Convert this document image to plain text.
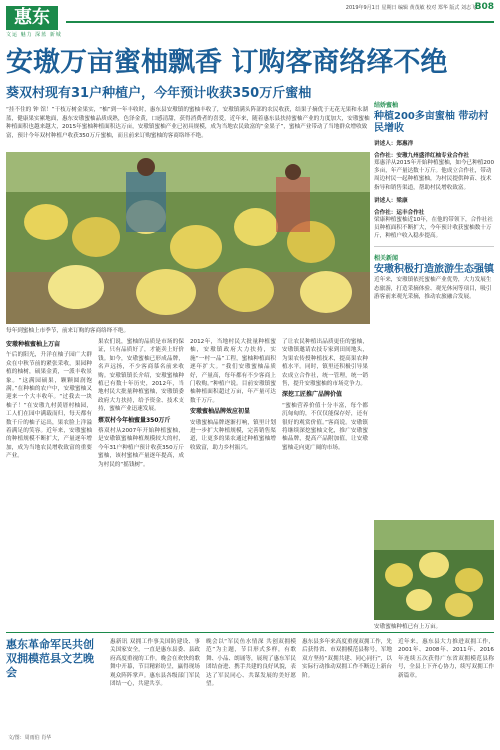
惠东
文运 魅力 深蓝 新城
2019年9月1日 星期日 编辑 黄茂敏 校对 郑华 版式 刘志飞
B08
安璈万亩蜜柚飘香 订购客商络绎不绝
葵双村现有31户种植户，今年预计收获350万斤蜜柚
“挂不住的 钟 馆！”干枝万树金果实，“柚”到一年丰收时，惠东县安璈镇的蜜柚丰收了，安璈镇满头阵部的农民收获，结果子摘优于无花无果和永湖蓝，健康果实累地面，惠东安璈蜜柚品质成熟，色泽金黄，口感清甜，获得消费者的喜爱，近年来，随着惠东县扶持蜜柚产业的力度加大，安璈蜜柚种植面积也越来越大，2015年蜜柚种植面积达万亩，安璈镇蜜柚产业已初具规模，成为当地农民致富的“金果子”，蜜柚产业带动了当地群众增收致富，预计今年双村种植户收获350万斤蜜柚，而且前来订购蜜柚的客商络绎不绝。
每年到蜜柚上市季节，前来订购的客商络绎不绝。
安璈种植蜜柚上万亩
午后的阳光，升洋在柚子园广大群众在中秋节前的紧张采收，果园种植的柚树，硕果金黄，一派丰收景象。“这满园硕果，颗颗圆润饱满。”在种柚的农户中，安璈蜜柚又迎来一个大丰收年。“过我去一块柚子！”在安璈九村黄厝村柚园，工人们在园中满载而归，每天都有数千斤的柚子运出，果农脸上洋溢着满足的笑容。近年来，安璈蜜柚的种植规模不断扩大，产量逐年增加，成为当地农民增收致富的重要产业。
果农们说，蜜柚的品质是市场的保证，只有品质好了，才能卖上好价钱。如今，安璈蜜柚已形成品牌，名声远扬，不少客商慕名前来收购。安璈镇镇长介绍，安璈蜜柚种植已有数十年历史，2012年，当地村民大批量种植蜜柚，安璈镇委政府大力扶持，给予资金、技术支持，蜜柚产业迅速发展。
蔡双村今年柚蜜量350万斤
蔡双村从2007年开始种植蜜柚，是安璈镇蜜柚种植规模较大的村，今年31户种植户预计收获350万斤蜜柚，该村蜜柚产量逐年提高，成为村民的“摇钱树”。
2012年，当地村民大批量种植蜜柚，安璈镇政府大力扶持，实施“一村一品”工程，蜜柚种植面积逐年扩大。“我们安璈蜜柚品质好，产量高，每年都有不少客商上门收购。”种植户说。目前安璈镇蜜柚种植面积超过万亩，年产量可达数千万斤。
安璈蜜柚品牌效应初显
安璈蜜柚品牌逐渐打响，镇里计划进一步扩大种植规模，完善销售渠道，让更多的果农通过种植蜜柚增收致富，助力乡村振兴。
了让农民种植出品质更佳的蜜柚，安璈镇邀请农技专家到田间地头，为果农传授种植技术，提高果农种植水平。同时，镇里还积极引导果农成立合作社，统一管理，统一销售，提升安璈蜜柚的市场竞争力。
深挖工匠推广品牌价值
“蜜柚营养价值十分丰富，每个都沉甸甸的，不仅仅能保存好，还有很好的观赏价值。”客商说。安璈镇将继续深挖蜜柚文化，推广安璈蜜柚品牌，提高产品附加值，让安璈蜜柚走向更广阔的市场。
结娇蜜柚
种植200多亩蜜柚 带动村民增收
讲述人：郑惠洋
合作社：安璈九州盛洋红柚专业合作社
郑惠洋从2015年开始种植蜜柚，如今已种植200多亩，年产量达数十万斤。他成立合作社，带动周边村民一起种植蜜柚，为村民提供种苗、技术指导和销售渠道，帮助村民增收致富。
讲述人：梁康
合作社：运丰合作社
梁康种植蜜柚近10年，在他的带领下，合作社社员种植面积不断扩大，今年预计收获蜜柚数十万斤，种植户收入稳步提高。
相关新闻
安璈积极打造旅游生态强镇
近年来，安璈镇依托蜜柚产业优势，大力发展生态旅游，打造采摘体验、观光休闲等项目，吸引游客前来观光采摘，推动农旅融合发展。
安璈蜜柚种植已有上万亩。
惠东革命军民共创双拥模范县文艺晚会
惠新讯 双拥工作事关国防建设、事关国家安全，一直是惠东县委、县政府高度重视的工作。晚会在欢快的歌舞中开幕，节目精彩纷呈，赢得现场观众阵阵掌声。惠东县各级部门军民团结一心，共建共享。
晚会以“军民鱼水情深 共创双拥模范”为主题，节目形式多样，有歌舞、小品、朗诵等，展现了惠东军民团结奋进、携手共建的良好风貌，表达了军民同心、共谋发展的美好愿望。
惠东县多年来高度重视双拥工作，先后获得省、市双拥模范县称号，军地双方坚持“双拥共建、同心同行”，以实际行动推动双拥工作不断迈上新台阶。
近年来，惠东县大力推进双拥工作，2001年、2008年、2011年、2016年连续五次获得广东省双拥模范县称号，全县上下齐心协力，续写双拥工作新篇章。
文/图：周雨伯 肖华
